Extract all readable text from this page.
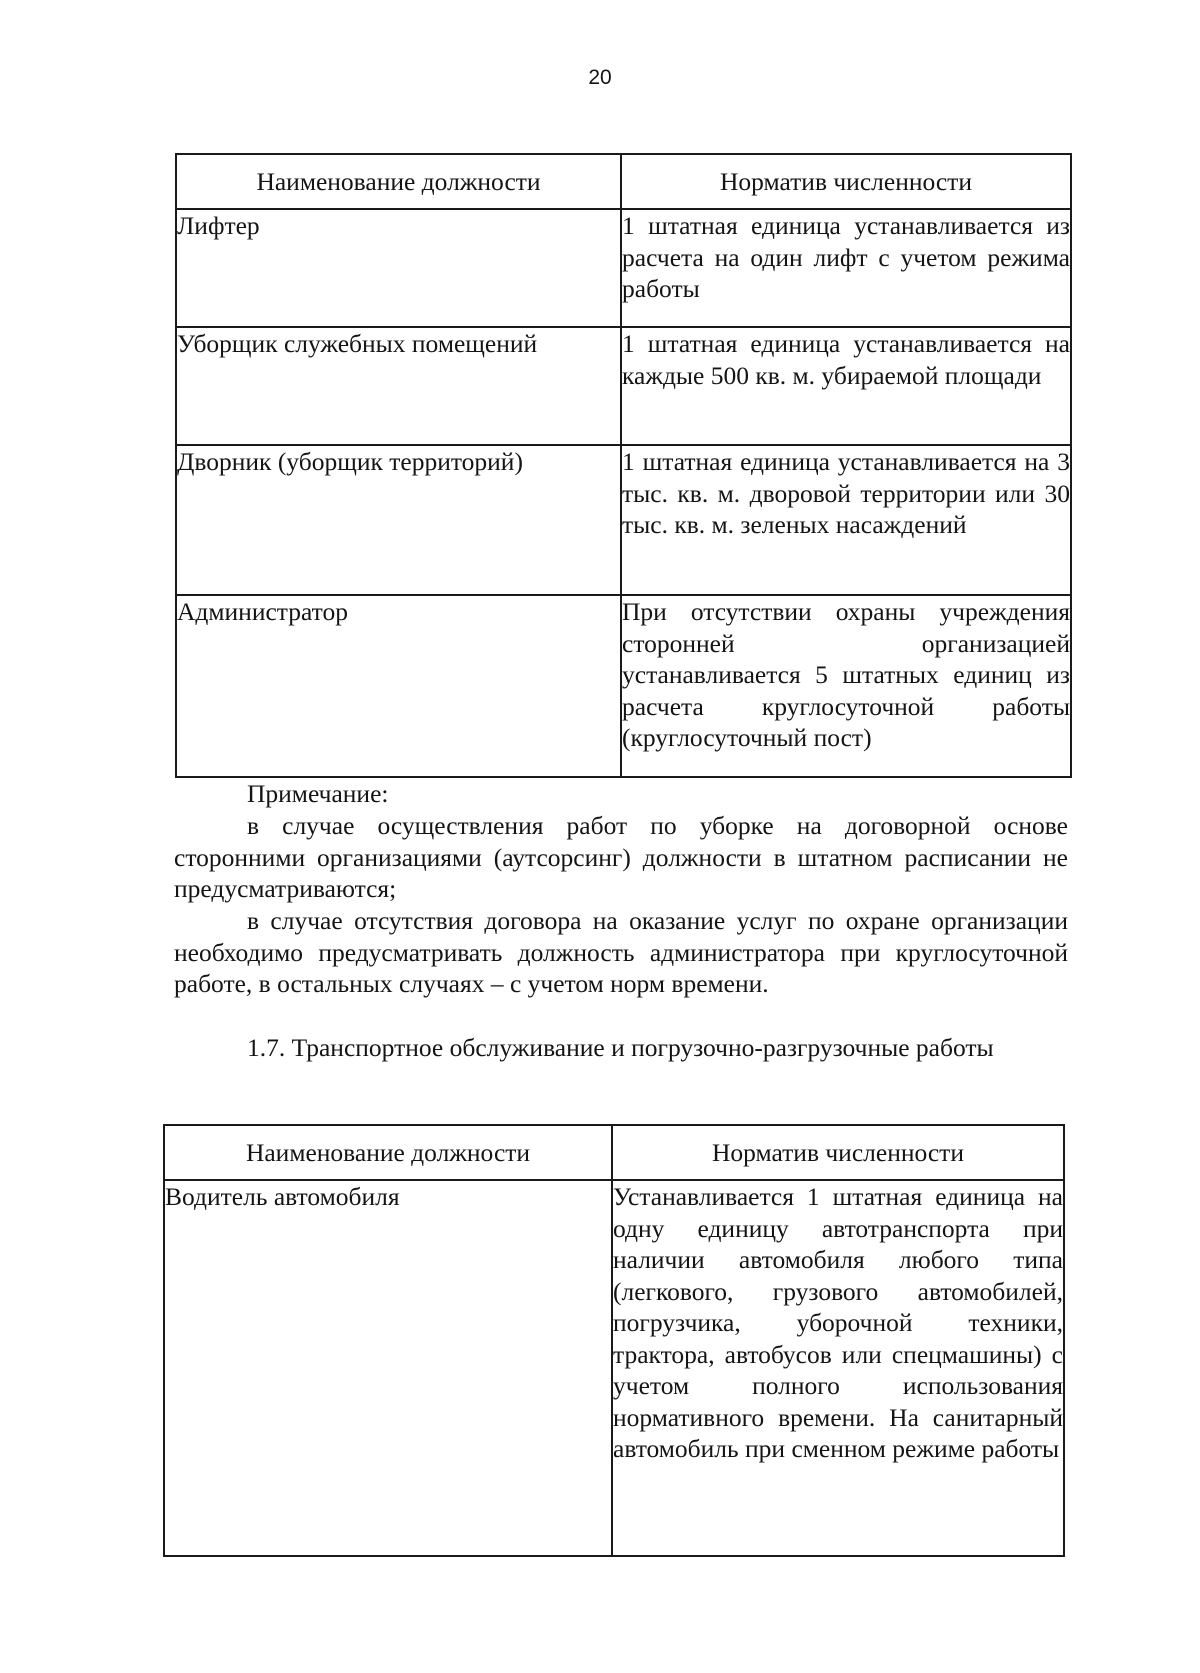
20
Наименование должности	Норматив численности
Лифтер	1 штатная единица устанавливается из расчета на один лифт с учетом режима работы
Уборщик служебных помещений	1 штатная единица устанавливается на каждые 500 кв. м. убираемой площади
Дворник (уборщик территорий)	1 штатная единица устанавливается на 3 тыс. кв. м. дворовой территории или 30 тыс. кв. м. зеленых насаждений
Администратор	При отсутствии охраны учреждения сторонней организацией устанавливается 5 штатных единиц из расчета круглосуточной работы (круглосуточный пост)
Примечание:
в случае осуществления работ по уборке на договорной основе сторонними организациями (аутсорсинг) должности в штатном расписании не предусматриваются;
в случае отсутствия договора на оказание услуг по охране организации необходимо предусматривать должность администратора при круглосуточной работе, в остальных случаях – с учетом норм времени.
1.7. Транспортное обслуживание и погрузочно-разгрузочные работы
Наименование должности	Норматив численности
Водитель автомобиля	Устанавливается 1 штатная единица на одну единицу автотранспорта при наличии автомобиля любого типа (легкового, грузового автомобилей, погрузчика, уборочной техники, трактора, автобусов или спецмашины) с учетом полного использования нормативного времени. На санитарный автомобиль при сменном режиме работы
